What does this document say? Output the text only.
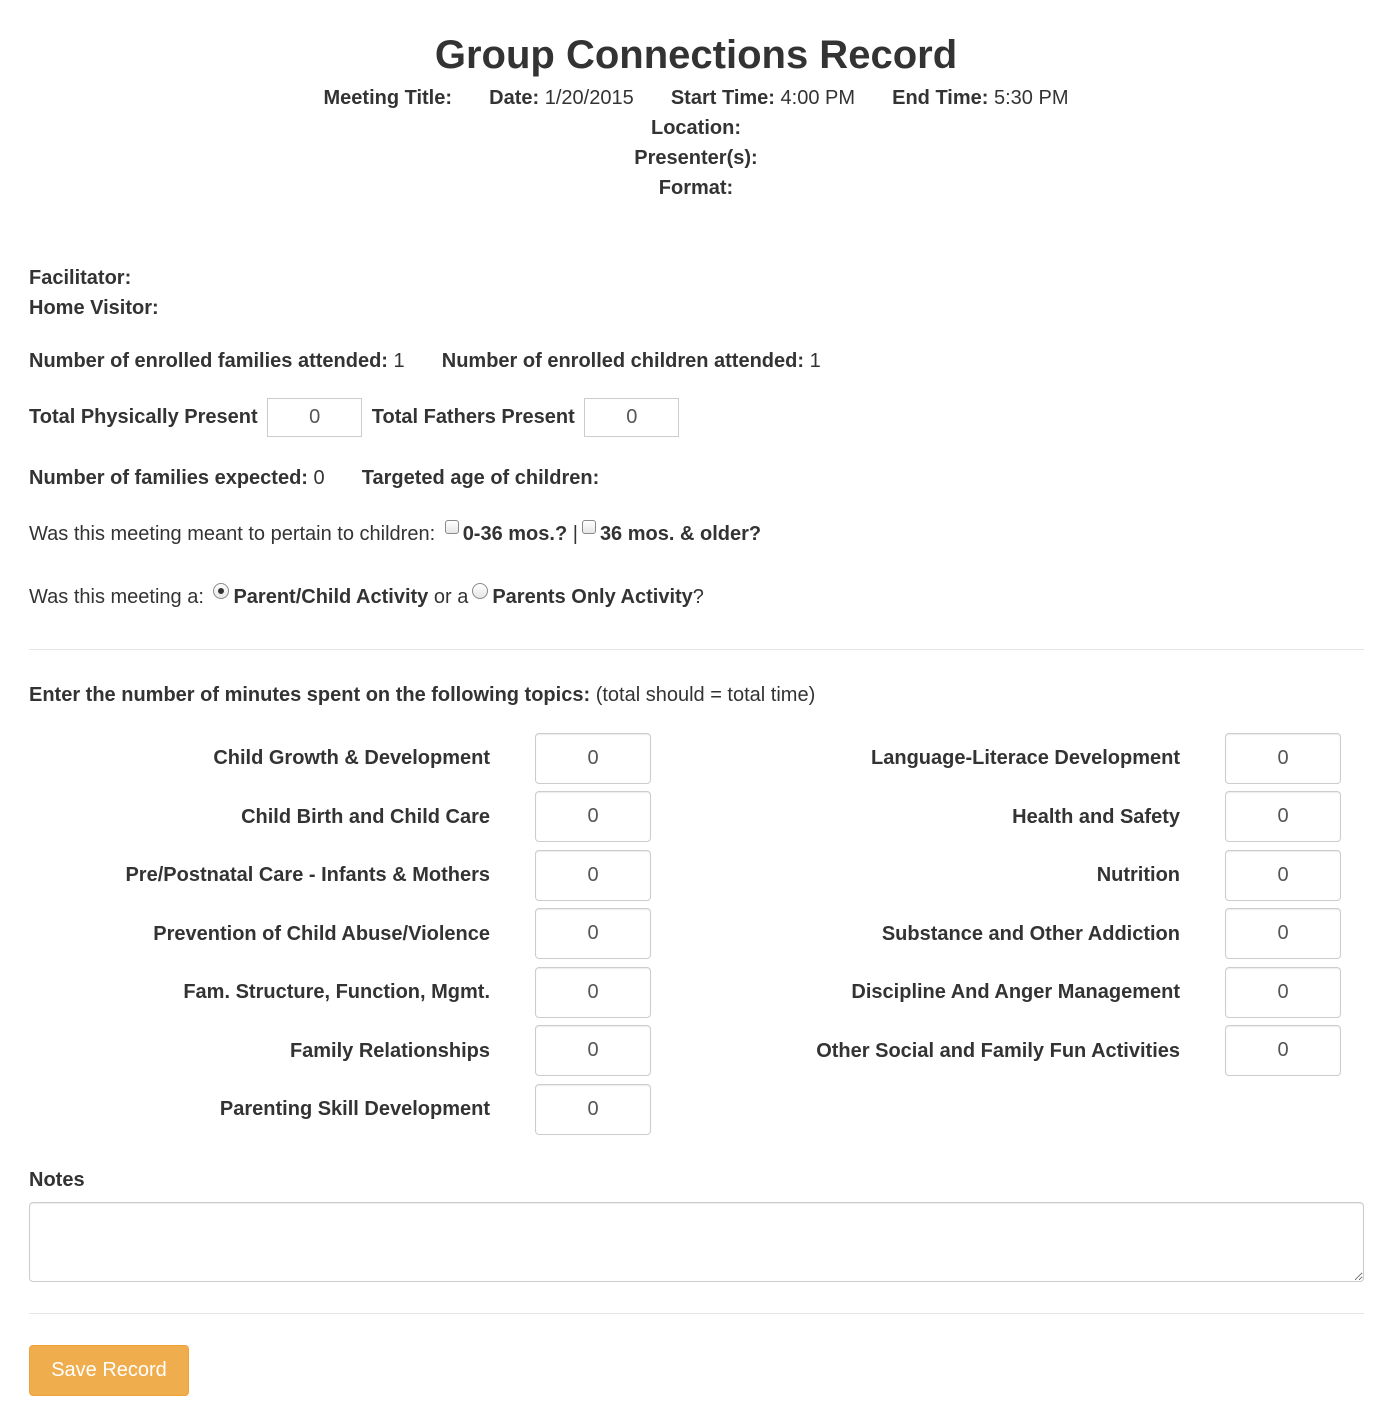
Group Connections Record
Meeting Title: Date: 1/20/2015 Start Time: 4:00 PM End Time: 5:30 PM
Location:
Presenter(s):
Format:
Facilitator:
Home Visitor:
Number of enrolled families attended: 1 Number of enrolled children attended: 1
Total Physically Present 0	Total Fathers Present 0
Number of families expected: 0 Targeted age of children:
Was this meeting meant to pertain to children: 0-36 mos.? | 36 mos. & older?
Was this meeting a: Parent/Child Activity or a Parents Only Activity?
Enter the number of minutes spent on the following topics: (total should = total time)
Child Growth & Development
0
Child Birth and Child Care
0
Pre/Postnatal Care - Infants & Mothers
0
Prevention of Child Abuse/Violence
0
Fam. Structure, Function, Mgmt.
0
Family Relationships
0
Parenting Skill Development
0
Language-Literace Development
0
Health and Safety
0
Nutrition
0
Substance and Other Addiction
0
Discipline And Anger Management
0
Other Social and Family Fun Activities
0
Notes
Save Record
